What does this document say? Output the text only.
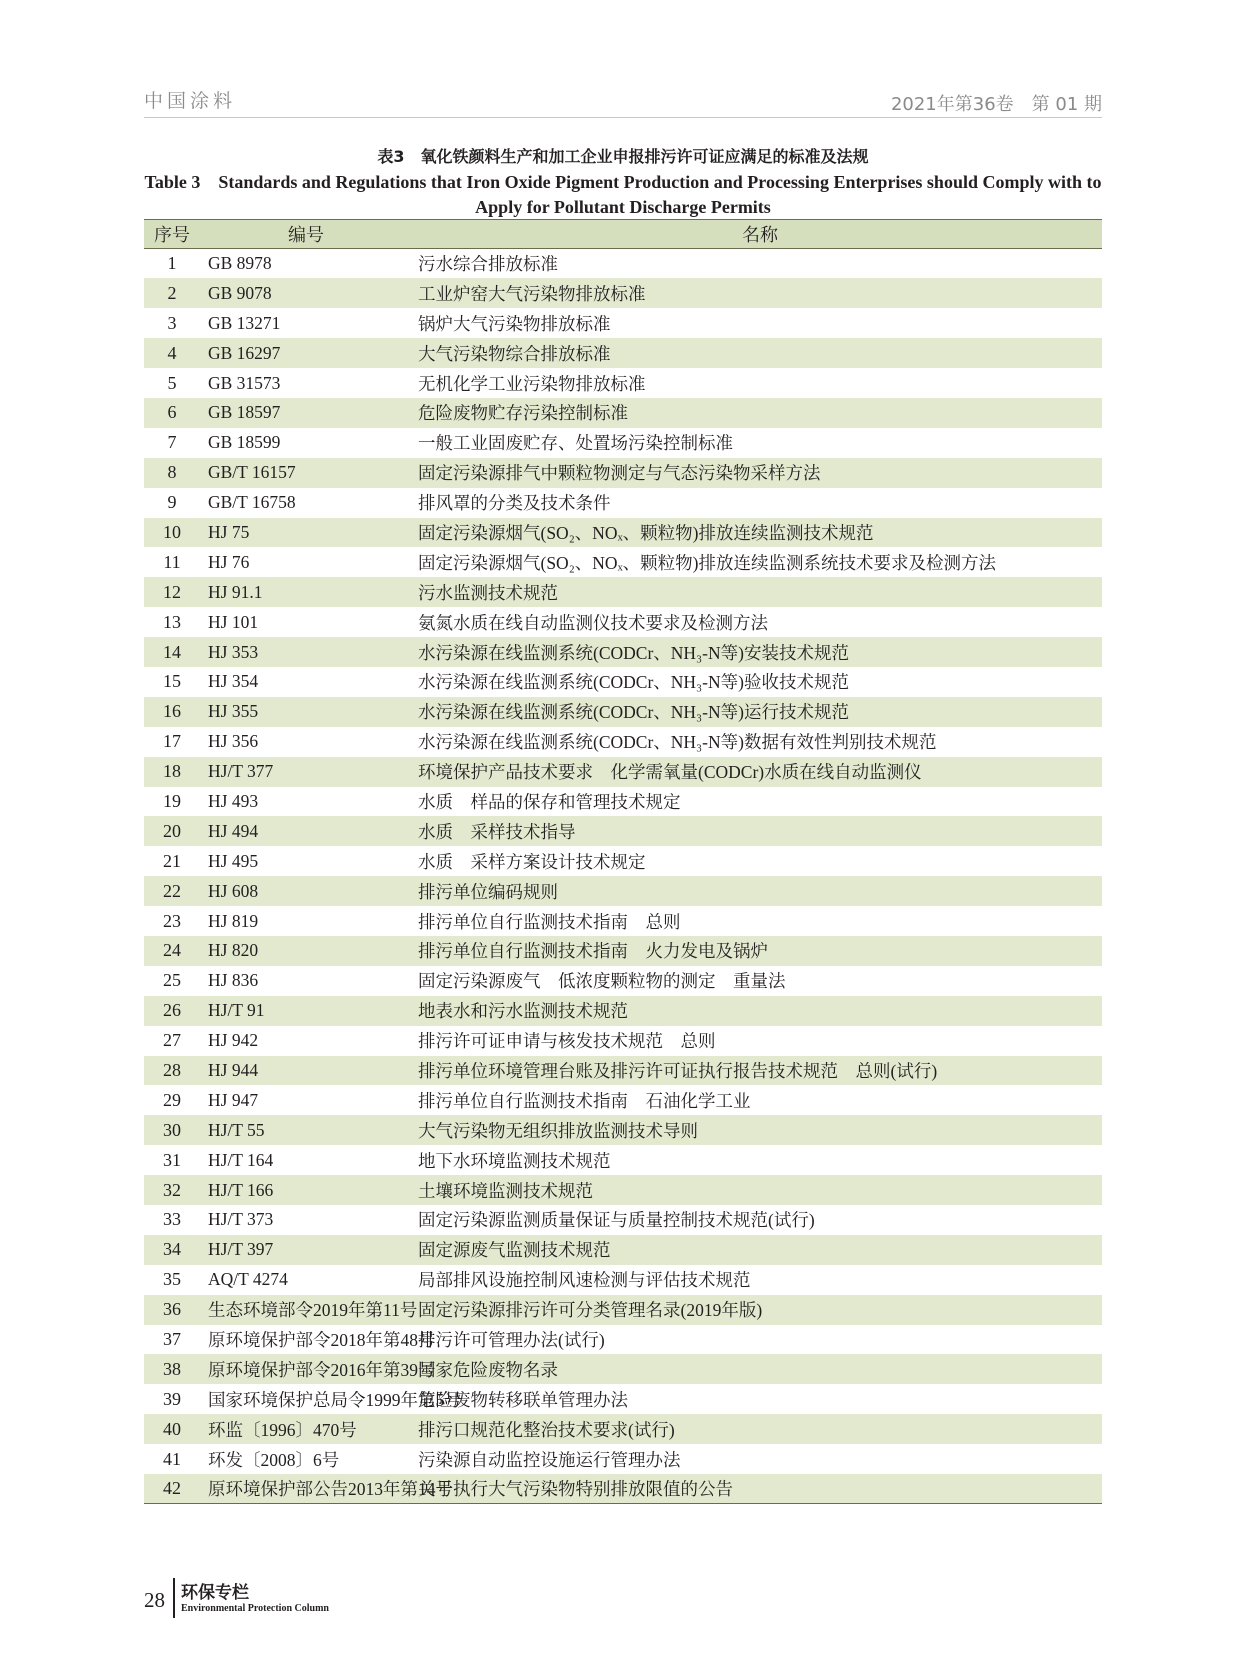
中国涂料	2021年第36卷　第 01 期
表3　氧化铁颜料生产和加工企业申报排污许可证应满足的标准及法规
Table 3　Standards and Regulations that Iron Oxide Pigment Production and Processing Enterprises should Comply with to Apply for Pollutant Discharge Permits
序号	编号	名称
1	GB 8978	污水综合排放标准
2	GB 9078	工业炉窑大气污染物排放标准
3	GB 13271	锅炉大气污染物排放标准
4	GB 16297	大气污染物综合排放标准
5	GB 31573	无机化学工业污染物排放标准
6	GB 18597	危险废物贮存污染控制标准
7	GB 18599	一般工业固废贮存、处置场污染控制标准
8	GB/T 16157	固定污染源排气中颗粒物测定与气态污染物采样方法
9	GB/T 16758	排风罩的分类及技术条件
10	HJ 75	固定污染源烟气(SO₂、NOₓ、颗粒物)排放连续监测技术规范
11	HJ 76	固定污染源烟气(SO₂、NOₓ、颗粒物)排放连续监测系统技术要求及检测方法
12	HJ 91.1	污水监测技术规范
13	HJ 101	氨氮水质在线自动监测仪技术要求及检测方法
14	HJ 353	水污染源在线监测系统(CODCr、NH₃-N等)安装技术规范
15	HJ 354	水污染源在线监测系统(CODCr、NH₃-N等)验收技术规范
16	HJ 355	水污染源在线监测系统(CODCr、NH₃-N等)运行技术规范
17	HJ 356	水污染源在线监测系统(CODCr、NH₃-N等)数据有效性判别技术规范
18	HJ/T 377	环境保护产品技术要求　化学需氧量(CODCr)水质在线自动监测仪
19	HJ 493	水质　样品的保存和管理技术规定
20	HJ 494	水质　采样技术指导
21	HJ 495	水质　采样方案设计技术规定
22	HJ 608	排污单位编码规则
23	HJ 819	排污单位自行监测技术指南　总则
24	HJ 820	排污单位自行监测技术指南　火力发电及锅炉
25	HJ 836	固定污染源废气　低浓度颗粒物的测定　重量法
26	HJ/T 91	地表水和污水监测技术规范
27	HJ 942	排污许可证申请与核发技术规范　总则
28	HJ 944	排污单位环境管理台账及排污许可证执行报告技术规范　总则(试行)
29	HJ 947	排污单位自行监测技术指南　石油化学工业
30	HJ/T 55	大气污染物无组织排放监测技术导则
31	HJ/T 164	地下水环境监测技术规范
32	HJ/T 166	土壤环境监测技术规范
33	HJ/T 373	固定污染源监测质量保证与质量控制技术规范(试行)
34	HJ/T 397	固定源废气监测技术规范
35	AQ/T 4274	局部排风设施控制风速检测与评估技术规范
36	生态环境部令2019年第11号	固定污染源排污许可分类管理名录(2019年版)
37	原环境保护部令2018年第48号	排污许可管理办法(试行)
38	原环境保护部令2016年第39号	国家危险废物名录
39	国家环境保护总局令1999年第5号	危险废物转移联单管理办法
40	环监〔1996〕470号	排污口规范化整治技术要求(试行)
41	环发〔2008〕6号	污染源自动监控设施运行管理办法
42	原环境保护部公告2013年第14号	关于执行大气污染物特别排放限值的公告
28 环保专栏
Environmental Protection Column
